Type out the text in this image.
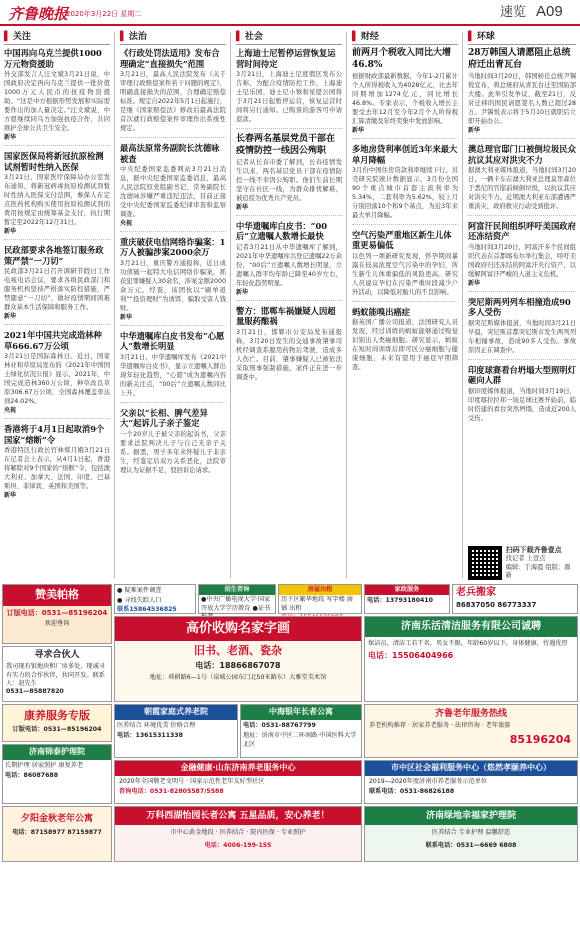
齐鲁晚报
2020年3月22日 星期二	速览 A09
▌ 关注
中国再向乌克兰提供1000万元物资援助
外交部发言人汪文斌3月21日说，中国政府决定再向乌克兰提供一批价值1000万元人民币的抗疫物资援助。“这是中方根据形势发展和实际需要作出的加人量决定。”汪文斌说，中方愿继续同乌方加强抗疫合作，共同维护全球公共卫生安全。
新华
国家医保局将新冠抗原检测试剂暂时性纳入医保
3月21日，国家医疗保障局办公室发布通知，将新冠病毒抗原检测试剂暂时性纳入医保支付范围，参保人在定点医药机构购买使用抗原检测试剂的费用按规定由统筹基金支付，执行期暂定至2022年12月31日。
新华
民政部要求各地签订服务政策严禁“一刀切”
民政部3月21日召开调研节假日工作电视电话会议，要求各级民政部门和服务机构坚持严格落实防控措施，严禁随意“一刀切”，做好疫情期间困难群众基本生活保障和服务工作。
新华
2021年中国共完成造林种草666.67万公顷
3月21日是国际森林日。近日，国家林业和草原局发布的《2021年中国国土绿化状况公报》显示，2021年，中国完成造林360万公顷，种草改良草原306.67万公顷，全国森林覆盖率达到24.02%。
央视
香港将于4月1日起取消9个国家“熔断”令
香港特区行政长官林郑月娥3月21日在记者会上表示，从4月1日起，香港将解除对9个国家的“熔断”令，包括澳大利亚、加拿大、法国、印度、巴基斯坦、菲律宾、英国和美国等。
新华
▌ 法治
《行政处罚法适用》发布合理确定“直接损失”范围
3月21日，最高人民法院发布《关于审理行政赔偿案件若干问题的规定》，明确直接损失的范围，合理确定赔偿标准。规定自2022年5月1日起施行，是继《国家赔偿法》修改后最高法院首次就行政赔偿案件审理作出系统性规定。
最高法原常务副院长沈德咏被查
中央纪委国家监委网站3月21日消息，据中央纪委国家监委消息，最高人民法院原党组副书记、常务副院长沈德咏涉嫌严重违纪违法，目前正接受中央纪委国家监委纪律审查和监察调查。
央视
重庆破获电信网络诈骗案：1万人被骗涉案2000余万
3月21日，重庆警方通报称，近日成功侦破一起特大电信网络诈骗案，抓获犯罪嫌疑人30余名，涉案金额2000余万元。经查，该团伙以“刷单返利”“投资理财”为诱饵，骗取受害人钱财。
新华
中华遗嘱库白皮书发布“心愿人”数增长明显
3月21日，中华遗嘱库发布《2021中华遗嘱库白皮书》，显示立遗嘱人群出现年轻化趋势，“心愿”成为遗嘱内容的新关注点，“00后”立遗嘱人数同比上升。
父亲以“长相、脾气差异大”起诉儿子亲子鉴定
一个20岁儿子被父亲的起诉书，父亲要求法院判决儿子与自己无亲子关系。据悉，男子多年来怀疑儿子非亲生，经鉴定后双方关系恶化，法院审理认为证据不足，驳回诉讼请求。
▌ 社会
上海迪士尼暂停运营恢复运营时间待定
3月21日，上海迪士尼度假区发布公告称，为配合疫情防控工作，上海迪士尼乐园、迪士尼小镇和星愿公园将于3月21日起暂停运营，恢复运营时间将另行通知。已购票的游客可申请退款。
长春两名基层党员干部在疫情防控一线因公殉职
记者从长春市委了解到，长春疫情发生以来，两名基层党员干部在疫情防控一线不幸因公殉职。他们生前长期坚守在社区一线，为群众排忧解难，被追授为优秀共产党员。
新华
中华遗嘱库白皮书：“00后”立遗嘱人数增长最快
记者3月21日从中华遗嘱库了解到，2021年中华遗嘱库共登记遗嘱22万余份，“00后”立遗嘱人数增长明显，立遗嘱人群平均年龄已降至40岁左右，年轻化趋势明显。
新华
警方：邯郸车祸嫌疑人因超量服药酿祸
3月21日，邯郸市公安局发布通报称，3月20日发生的交通事故肇事司机经调查系服用药物后驾驶，造成多人伤亡。目前，肇事嫌疑人已被依法采取刑事强制措施，案件正在进一步调查中。
▌ 财经
前两月个税收入同比大增46.8%
根据财政部最新数据，今年1-2月累计个人所得税收入为4028亿元，比去年同期增加1274亿元，同比增长46.8%。专家表示，个税收入增长主要受去年12月至今年2月个人所得税汇算清缴及年终奖集中发放影响。
新华
多地房贷利率创近3年来最大单月降幅
3月份中国住房贷款利率继续下行。贝壳研究院统计数据显示，3月份全国90个重点城市首套主流利率为5.34%，二套利率为5.62%，较上月分别回落10个和9个基点，为近3年来最大单月降幅。
空气污染严重地区新生儿体重更易偏低
以色列一项新研究发现，怀孕期间暴露在较高浓度空气污染中的孕妇，所生新生儿体重偏低的风险更高。研究人员建议孕妇在污染严重时段减少户外活动，以降低对胎儿的不良影响。
蚂蚁能嗅出癌症
据英国广播公司报道，法国研究人员发现，经过训练的蚂蚁能够通过嗅觉识别出人类癌细胞。研究显示，蚂蚁在短时间训练后即可区分癌细胞与健康细胞，未来有望用于癌症早期筛查。
▌ 环球
28万韩国人请愿阻止总统府迁出青瓦台
当地时间3月20日，韩国候任总统尹锡悦宣布，将总统府从青瓦台迁至国防部大楼。此举引发争议，截至21日，反对迁移的国民请愿签名人数已超过28万。尹锡悦表示将于5月10日就职后立即开始办公。
新华
澳总理官邸门口被倒垃圾民众抗议其应对洪灾不力
据澳大利亚媒体报道，当地时间3月20日，一辆卡车在澳大利亚总理莫里森位于悉尼的官邸前倾倒垃圾，以抗议其应对洪灾不力。近期澳大利亚东部遭遇严重洪灾，政府救灾行动受到批评。
阿富汗民间组织呼吁美国政府还冻结资产
当地时间3月20日，阿富汗多个民间组织代表在首都喀布尔举行集会，呼吁美国政府归还冻结的阿富汗央行资产，以缓解阿富汗严峻的人道主义危机。
新华
突尼斯两列列车相撞造成90多人受伤
据突尼斯媒体报道，当地时间3月21日早晨，突尼斯首都突尼斯市发生两列列车相撞事故，造成90多人受伤。事故原因正在调查中。
印度球赛看台坍塌大型照明灯砸向人群
据印度媒体报道，当地时间3月19日，印度喀拉拉邦一场足球比赛开始前，临时搭建的看台突然坍塌，造成近200人受伤。
扫码下载齐鲁壹点
找记者 上壹点
编辑：于海霞 组版：颜新
赞美帕格
订版电话：0531—85196204
欢迎垂询
● 疑难案件调查
● 寻找失踪人口
联系15864536825
招生咨询
●中央广播电视大学·国家开放大学学历教育 ●证书
房屋出租
历下区繁华地段 写字楼 商铺 出租
家政服务
电话：13793180410
老兵搬家
86837050 86773337
寻求合伙人
我司现有银地块和厂房多处，现诚寻有实力的合作伙伴，共同开发。联系人：赵先生
0531—85887820
高价收购名家字画
旧书、老酒、瓷杂
电话：18866867078
地址：舜耕路6—1号（泉城公园东门北50米路东）大雅堂美术馆
济南乐活清洁服务有限公司诚聘
保洁员、清洁工若干名，男女不限，年龄60岁以下，身体健康，待遇优厚
电话：15506404966
康养服务专版
订版电话：0531—85196204
朝霞家庭式养老院
医养结合 环境优美 价格合理
电话：13615311338
中海银年长者公寓
电话：0531-88767799
地址：济南市中区二环南路·中国医科大学北区
齐鲁老年服务热线
养老机构推荐 · 居家养老服务 · 法律咨询 · 老年旅游
85196204
济南锦泰护理院
长期护理 居家照护 康复养老
电话：86087688
金融健康·山东济南养老服务中心
2020年全国敬老文明号 · 国家示范性老年友好型社区
咨询电话：0531-82805587/5588
市中区社会福利服务中心（悠然孝颐养中心）
2019—2020年度济南市养老服务示范单位
联系电话：0531-86826188
夕阳金秋老年公寓
电话：87158977 87159877
万科西湖怡园长者公寓 五星品质，安心养老！
市中心黄金地段 · 医养结合 · 院内医保 · 专业照护
电话：4006-199-155
济南绿地幸福家护理院
医养结合 专业护理 温馨舒适
联系电话：0531—6669 6808
